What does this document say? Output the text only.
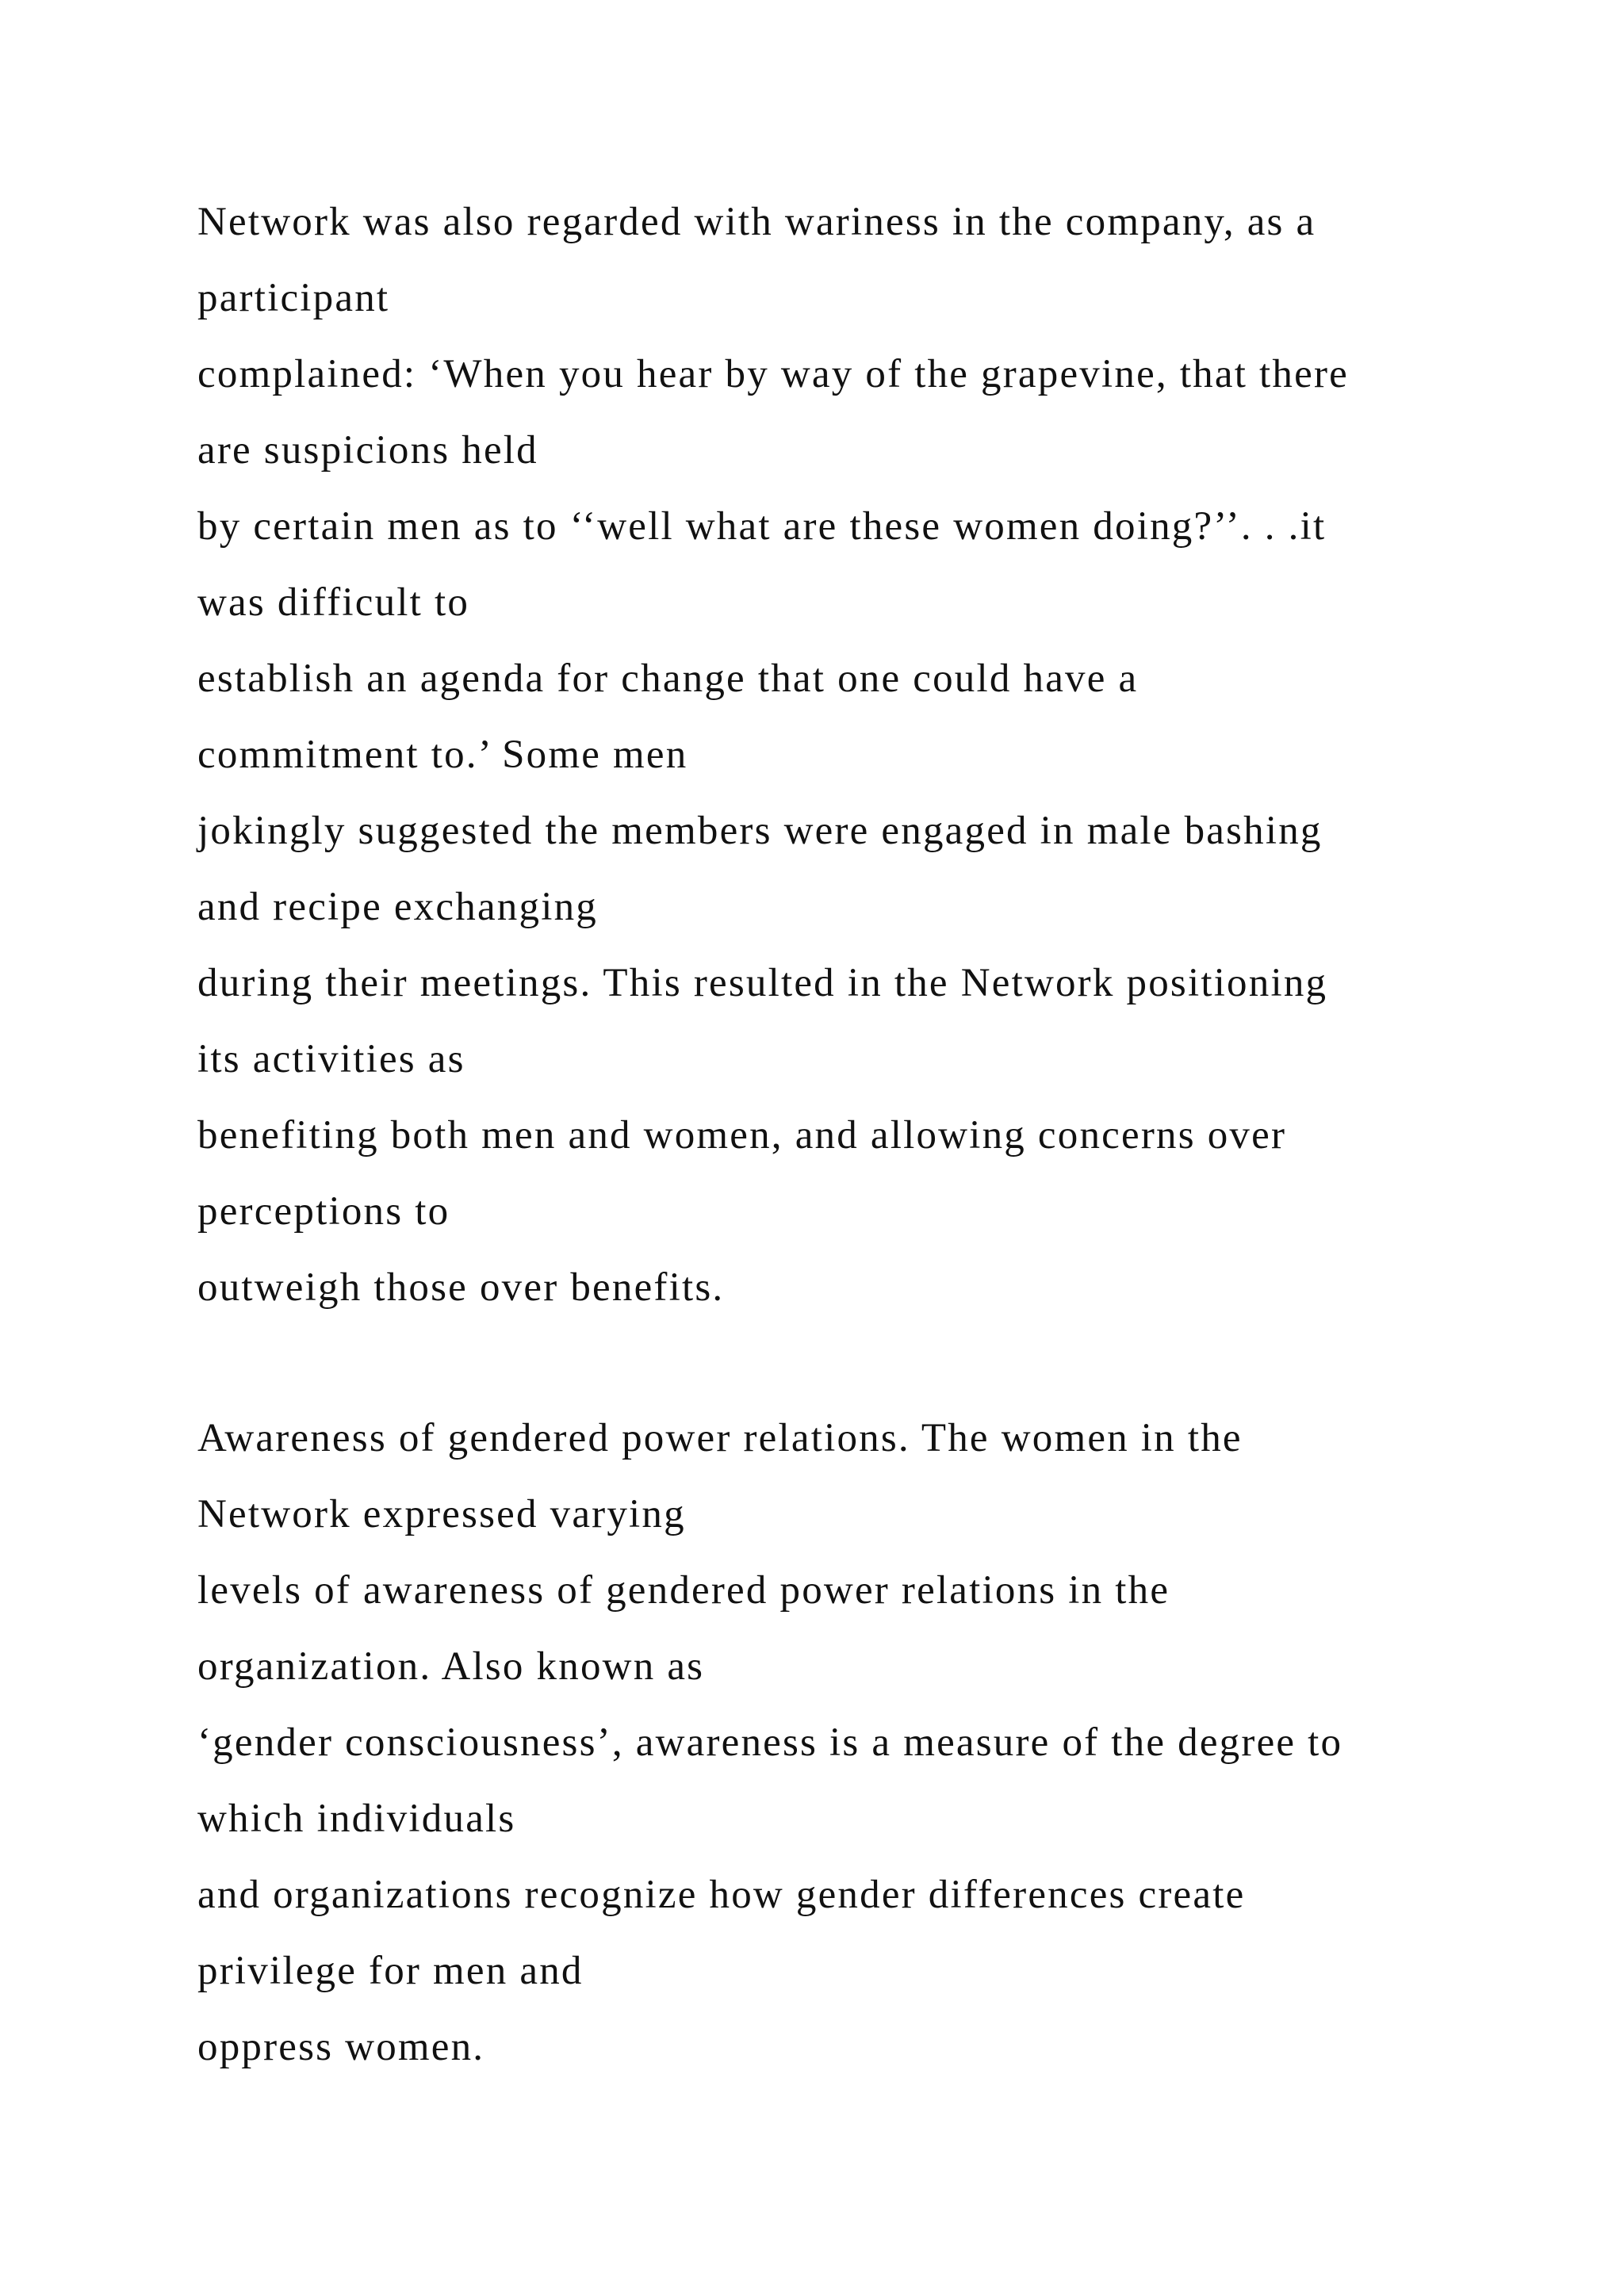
Network was also regarded with wariness in the company, as a
participant
complained: ‘When you hear by way of the grapevine, that there
are suspicions held
by certain men as to ‘‘well what are these women doing?’’. . .it
was difficult to
establish an agenda for change that one could have a
commitment to.’ Some men
jokingly suggested the members were engaged in male bashing
and recipe exchanging
during their meetings. This resulted in the Network positioning
its activities as
benefiting both men and women, and allowing concerns over
perceptions to
outweigh those over benefits.
Awareness of gendered power relations. The women in the
Network expressed varying
levels of awareness of gendered power relations in the
organization. Also known as
‘gender consciousness’, awareness is a measure of the degree to
which individuals
and organizations recognize how gender differences create
privilege for men and
oppress women.
